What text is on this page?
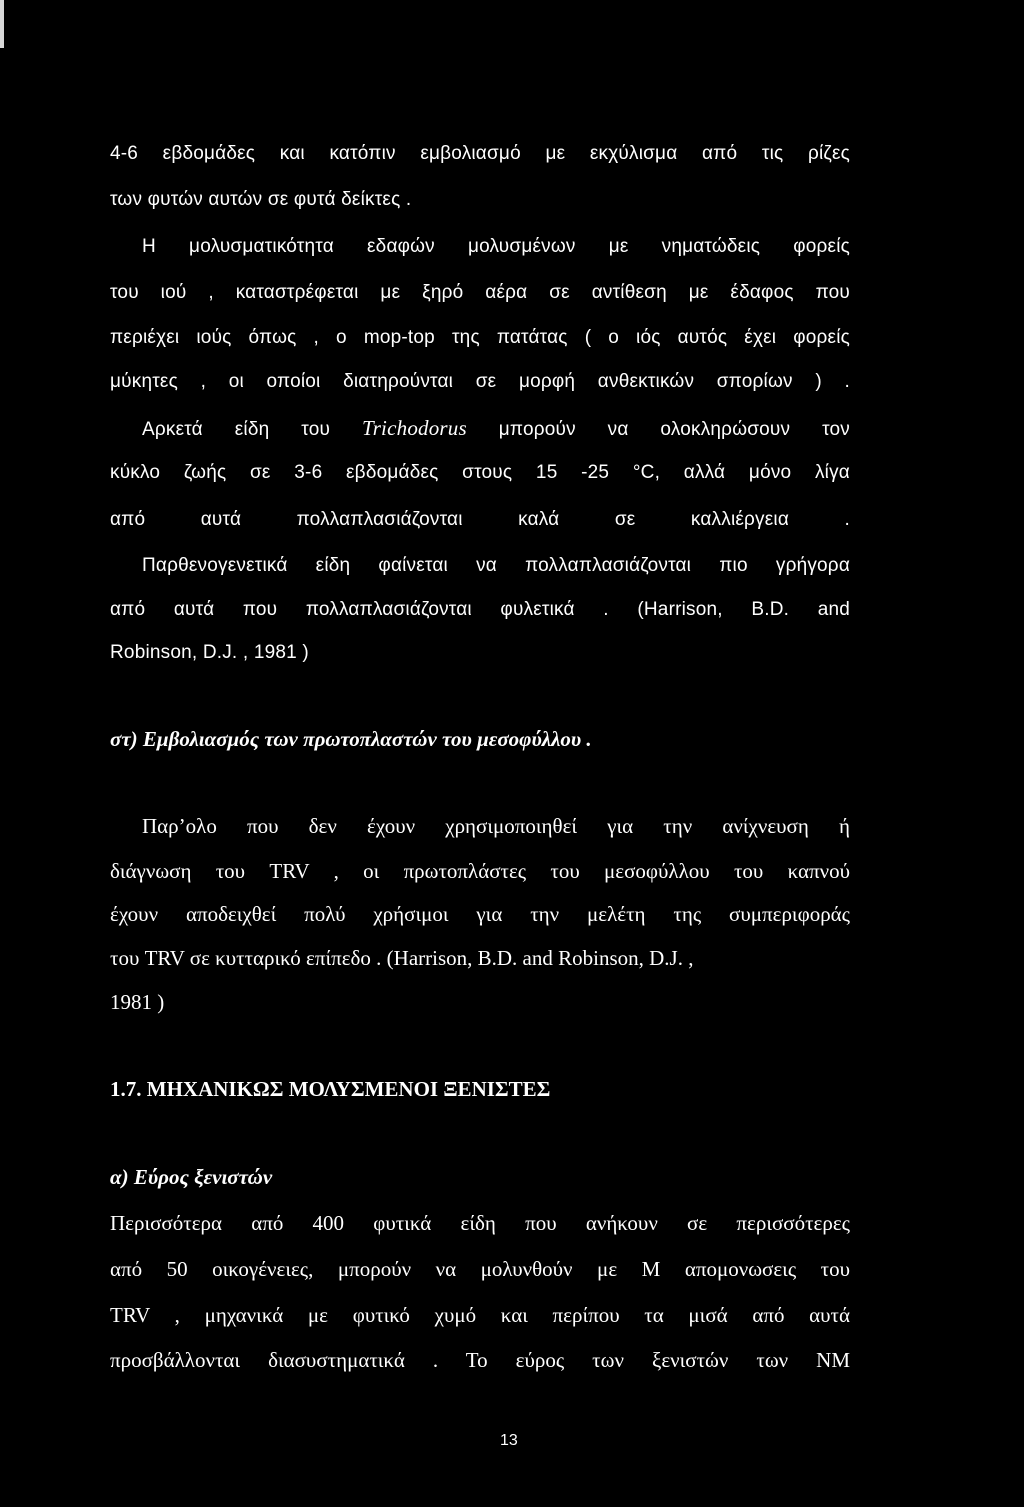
4-6 εβδομάδες και κατόπιν εμβολιασμό με εκχύλισμα από τις ρίζες
των φυτών αυτών σε φυτά δείκτες .
Η μολυσματικότητα εδαφών μολυσμένων με νηματώδεις φορείς
του ιού , καταστρέφεται με ξηρό αέρα σε αντίθεση με έδαφος που
περιέχει ιούς όπως , ο mop-top της πατάτας ( ο ιός αυτός έχει φορείς
μύκητες , οι οποίοι διατηρούνται σε μορφή ανθεκτικών σπορίων ) .
Αρκετά είδη του Trichodorus μπορούν να ολοκληρώσουν τον
κύκλο ζωής σε 3-6 εβδομάδες στους 15 -25 °C, αλλά μόνο λίγα
από αυτά πολλαπλασιάζονται καλά σε καλλιέργεια .
Παρθενογενετικά είδη φαίνεται να πολλαπλασιάζονται πιο γρήγορα
από αυτά που πολλαπλασιάζονται φυλετικά . (Harrison, B.D. and
Robinson, D.J. , 1981 )
στ) Εμβολιασμός των πρωτοπλαστών του μεσοφύλλου .
Παρ’ολο που δεν έχουν χρησιμοποιηθεί για την ανίχνευση ή
διάγνωση του TRV , οι πρωτοπλάστες του μεσοφύλλου του καπνού
έχουν αποδειχθεί πολύ χρήσιμοι για την μελέτη της συμπεριφοράς
του TRV σε κυτταρικό επίπεδο . (Harrison, B.D. and Robinson, D.J. ,
1981 )
1.7. ΜΗΧΑΝΙΚΩΣ ΜΟΛΥΣΜΕΝΟΙ ΞΕΝΙΣΤΕΣ
α) Εύρος ξενιστών
Περισσότερα από 400 φυτικά είδη που ανήκουν σε περισσότερες
από 50 οικογένειες, μπορούν να μολυνθούν με Μ απομονωσεις του
TRV , μηχανικά με φυτικό χυμό και περίπου τα μισά από αυτά
προσβάλλονται διασυστηματικά . Το εύρος των ξενιστών των ΝΜ
13
